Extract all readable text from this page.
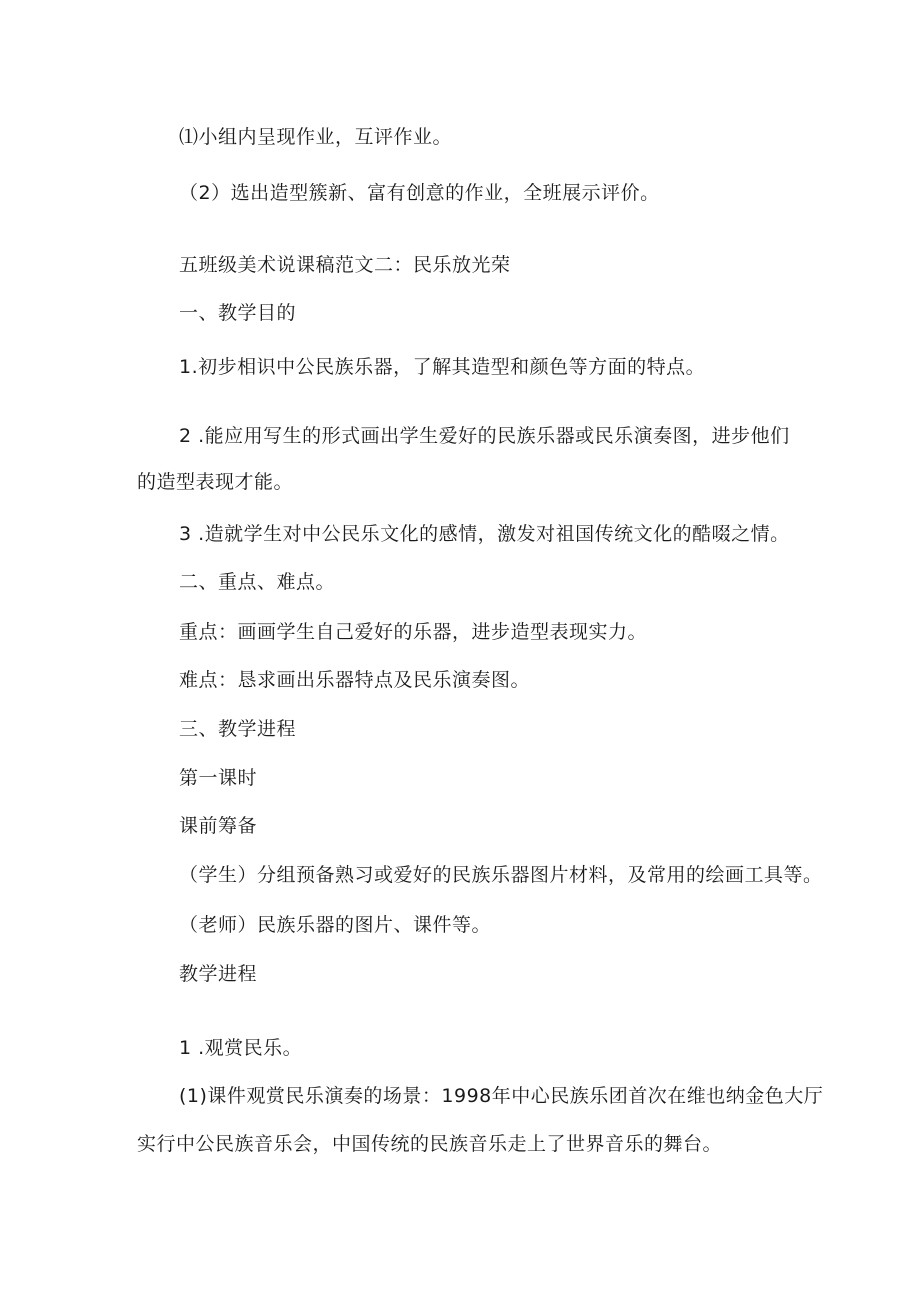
⑴小组内呈现作业，互评作业。
（2）选出造型簇新、富有创意的作业，全班展示评价。
五班级美术说课稿范文二：民乐放光荣
一、教学目的
1.初步相识中公民族乐器，了解其造型和颜色等方面的特点。
2 .能应用写生的形式画出学生爱好的民族乐器或民乐演奏图，进步他们
的造型表现才能。
3 .造就学生对中公民乐文化的感情，激发对祖国传统文化的酷啜之情。
二、重点、难点。
重点：画画学生自己爱好的乐器，进步造型表现实力。
难点：恳求画出乐器特点及民乐演奏图。
三、教学进程
第一课时
课前筹备
（学生）分组预备熟习或爱好的民族乐器图片材料，及常用的绘画工具等。
（老师）民族乐器的图片、课件等。
教学进程
1 .观赏民乐。
(1)课件观赏民乐演奏的场景：1998年中心民族乐团首次在维也纳金色大厅
实行中公民族音乐会，中国传统的民族音乐走上了世界音乐的舞台。
